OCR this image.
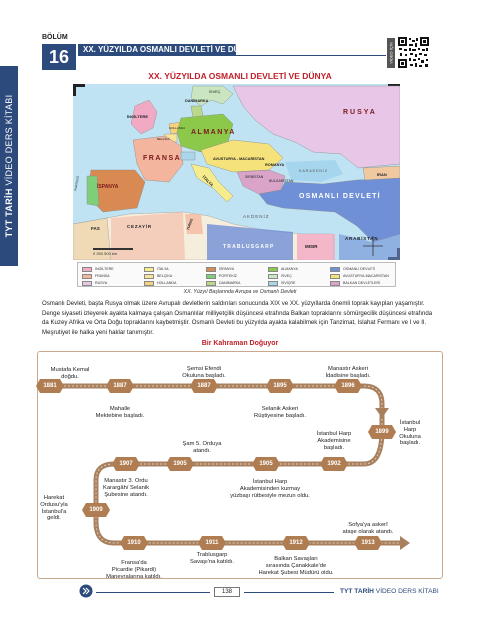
TYT TARİH VİDEO DERS KİTABI
BÖLÜM
16	XX. YÜZYILDA OSMANLI DEVLETİ VE DÜNYA	VİDEO İÇİN
XX. YÜZYILDA OSMANLI DEVLETİ VE DÜNYA
0 250 500 km
İSVEÇ
DANİMARKA
İNGİLTERE
HOLLANDA
BELÇİKA
ALMANYA
FRANSA	AVUSTURYA - MACARİSTAN
İSPANYA
PORTEKİZ	İTALYA
ROMANYA
SIRBİSTAN
BULGARİSTAN
KARADENİZ
OSMANLI DEVLETİ
İRAN
FAS	CEZAYİR	TUNUS
AKDENİZ
TRABLUSGARP	MISIR
ARABİSTAN
RUSYA
İNGİLTERE
FRANSA
RUSYA
İTALYA
BELÇİKA
HOLLANDA
İSPANYA
PORTEKİZ
DANİMARKA
ALMANYA
İSVEÇ
İSVİÇRE
OSMANLI DEVLETİ
AVUSTURYA-MACARİSTAN
BALKAN DEVLETLERİ
XX. Yüzyıl Başlarında Avrupa ve Osmanlı Devleti

Osmanlı Devleti, başta Rusya olmak üzere Avrupalı devletlerin saldırıları sonucunda XIX ve XX. yüzyıllarda önemli toprak kayıpları yaşamıştır. Denge siyaseti izleyerek ayakta kalmaya çalışan Osmanlılar milliyetçilik düşüncesi etrafında Balkan topraklarını sömürgecilik düşüncesi etrafında da Kuzey Afrika ve Orta Doğu topraklarını kaybetmiştir. Osmanlı Devleti bu yüzyılda ayakta kalabilmek için Tanzimat, Islahat Fermanı ve I ve II. Meşrutiyet ile halka yeni haklar tanımıştır.

Bir Kahraman Doğuyor
1881	1887	1887	1895	1896
1899
1902
1905
1905
1907
1909
1910	1911	1912	1913
Mustafa Kemal
doğdu.
Şemsi Efendi
Okuluna başladı.
Mahalle
Mektebine başladı.
Manastır Askeri
İdadisine başladı.
Selanik Askeri
Rüştiyesine başladı.
İstanbul
Harp
Okuluna
başladı.
İstanbul Harp
Akademisine
başladı.
Şam 5. Orduya
atandı.
İstanbul Harp
Akademisinden kurmay
yüzbaşı rütbesiyle mezun oldu.
Manastır 3. Ordu
Karargâh/ Selanik
Şubesine atandı.
Harekat
Ordusu'yla
İstanbul'a
geldi.
Fransa'da
Picardie (Pikardi)
Manevralarına katıldı.
Trablusgarp
Savaşı'na katıldı.	Balkan Savaşları
sırasında Çanakkale'de
Harekat Şubesi Müdürü oldu.
Sofya'ya askerî
ataşe olarak atandı.
138	TYT TARİH VİDEO DERS KİTABI
